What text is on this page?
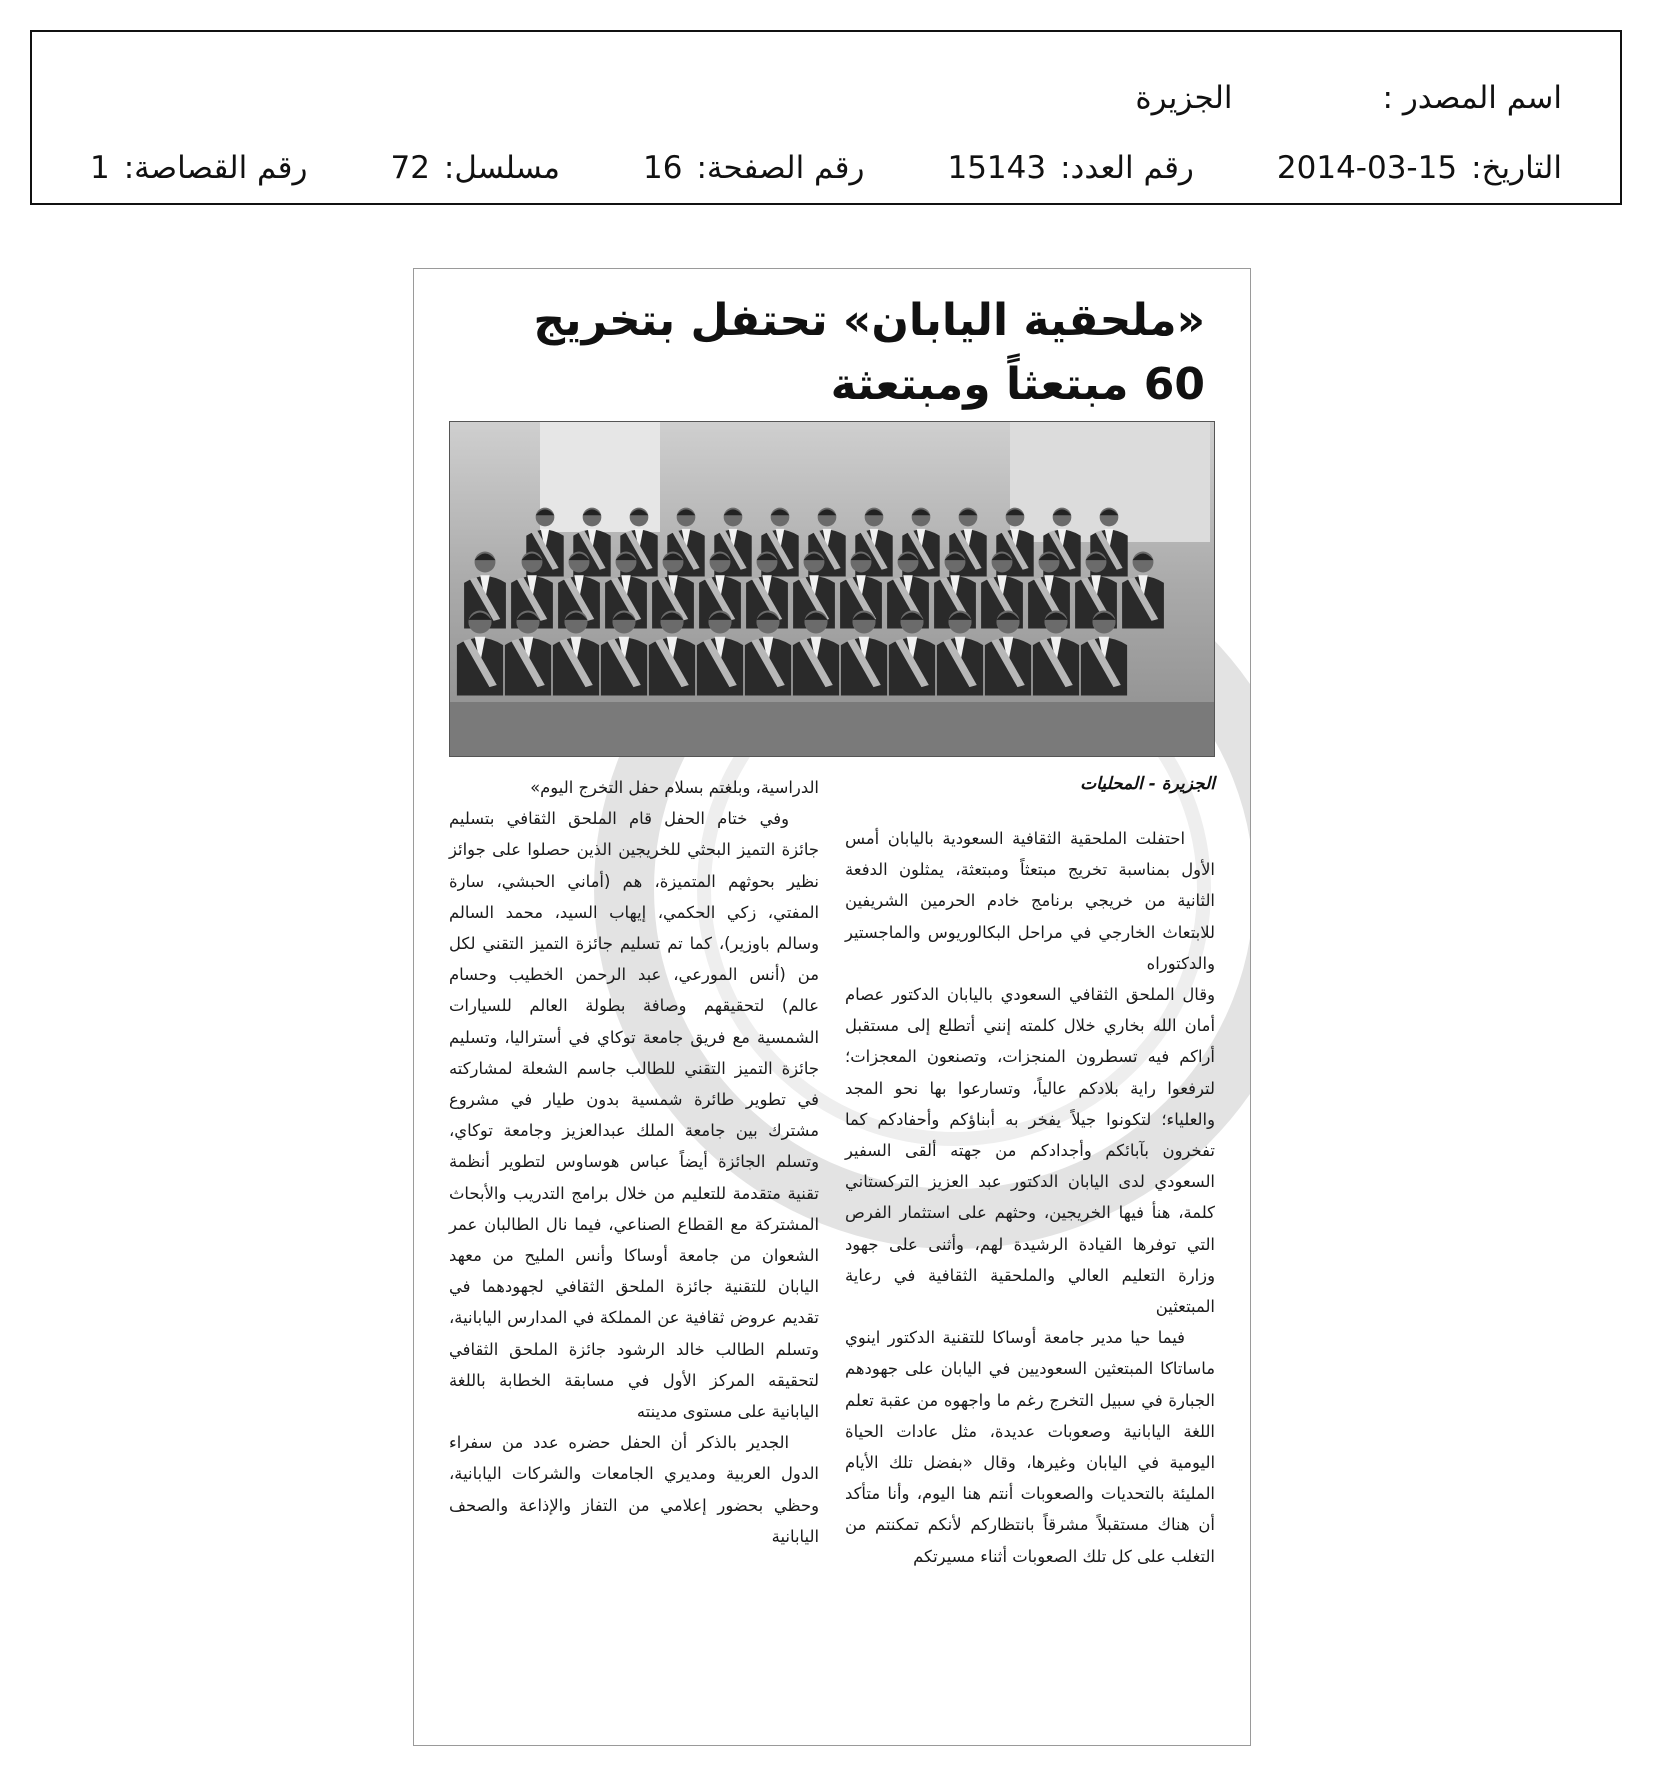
اسم المصدر :
الجزيرة
التاريخ:
2014-03-15
رقم العدد:
15143
رقم الصفحة:
16
مسلسل:
72
رقم القصاصة:
1
«ملحقية اليابان» تحتفل بتخريج
60 مبتعثاً ومبتعثة
الجزيرة - المحليات

احتفلت الملحقية الثقافية السعودية باليابان أمس الأول بمناسبة تخريج مبتعثاً ومبتعثة، يمثلون الدفعة الثانية من خريجي برنامج خادم الحرمين الشريفين للابتعاث الخارجي في مراحل البكالوريوس والماجستير والدكتوراه

وقال الملحق الثقافي السعودي باليابان الدكتور عصام أمان الله بخاري خلال كلمته إنني أتطلع إلى مستقبل أراكم فيه تسطرون المنجزات، وتصنعون المعجزات؛ لترفعوا راية بلادكم عالياً، وتسارعوا بها نحو المجد والعلياء؛ لتكونوا جيلاً يفخر به أبناؤكم وأحفادكم كما تفخرون بآبائكم وأجدادكم من جهته ألقى السفير السعودي لدى اليابان الدكتور عبد العزيز التركستاني كلمة، هنأ فيها الخريجين، وحثهم على استثمار الفرص التي توفرها القيادة الرشيدة لهم، وأثنى على جهود وزارة التعليم العالي والملحقية الثقافية في رعاية المبتعثين

فيما حيا مدير جامعة أوساكا للتقنية الدكتور اينوي ماساتاكا المبتعثين السعوديين في اليابان على جهودهم الجبارة في سبيل التخرج رغم ما واجهوه من عقبة تعلم اللغة اليابانية وصعوبات عديدة، مثل عادات الحياة اليومية في اليابان وغيرها، وقال «بفضل تلك الأيام المليئة بالتحديات والصعوبات أنتم هنا اليوم، وأنا متأكد أن هناك مستقبلاً مشرقاً بانتظاركم لأنكم تمكنتم من التغلب على كل تلك الصعوبات أثناء مسيرتكم

الدراسية، وبلغتم بسلام حفل التخرج اليوم»

وفي ختام الحفل قام الملحق الثقافي بتسليم جائزة التميز البحثي للخريجين الذين حصلوا على جوائز نظير بحوثهم المتميزة، هم (أماني الحبشي، سارة المفتي، زكي الحكمي، إيهاب السيد، محمد السالم وسالم باوزير)، كما تم تسليم جائزة التميز التقني لكل من (أنس المورعي، عبد الرحمن الخطيب وحسام عالم) لتحقيقهم وصافة بطولة العالم للسيارات الشمسية مع فريق جامعة توكاي في أستراليا، وتسليم جائزة التميز التقني للطالب جاسم الشعلة لمشاركته في تطوير طائرة شمسية بدون طيار في مشروع مشترك بين جامعة الملك عبدالعزيز وجامعة توكاي، وتسلم الجائزة أيضاً عباس هوساوس لتطوير أنظمة تقنية متقدمة للتعليم من خلال برامج التدريب والأبحاث المشتركة مع القطاع الصناعي، فيما نال الطالبان عمر الشعوان من جامعة أوساكا وأنس المليح من معهد اليابان للتقنية جائزة الملحق الثقافي لجهودهما في تقديم عروض ثقافية عن المملكة في المدارس اليابانية، وتسلم الطالب خالد الرشود جائزة الملحق الثقافي لتحقيقه المركز الأول في مسابقة الخطابة باللغة اليابانية على مستوى مدينته

الجدير بالذكر أن الحفل حضره عدد من سفراء الدول العربية ومديري الجامعات والشركات اليابانية، وحظي بحضور إعلامي من التفاز والإذاعة والصحف اليابانية
